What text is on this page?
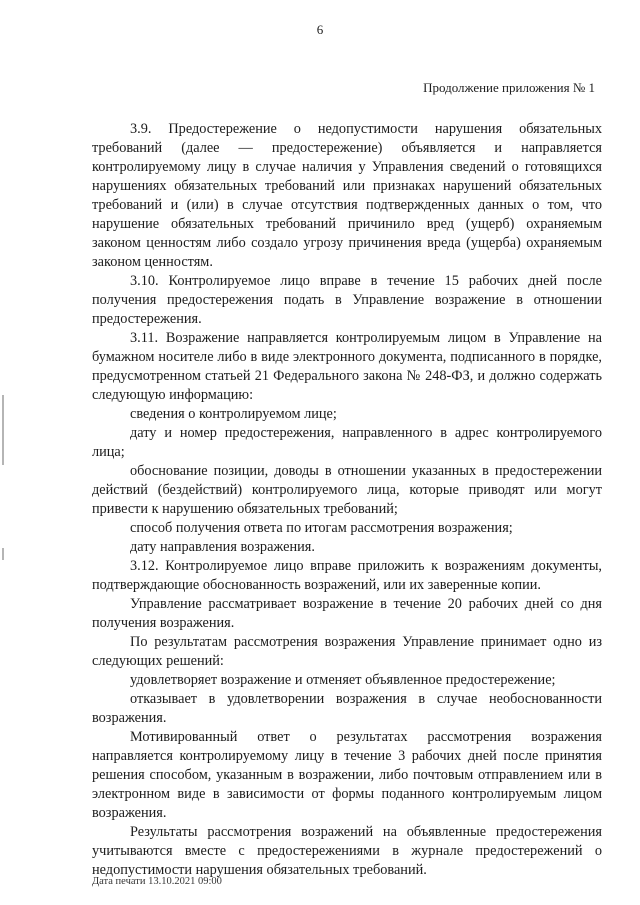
6
Продолжение приложения № 1

3.9. Предостережение о недопустимости нарушения обязательных требований (далее — предостережение) объявляется и направляется контролируемому лицу в случае наличия у Управления сведений о готовящихся нарушениях обязательных требований или признаках нарушений обязательных требований и (или) в случае отсутствия подтвержденных данных о том, что нарушение обязательных требований причинило вред (ущерб) охраняемым законом ценностям либо создало угрозу причинения вреда (ущерба) охраняемым законом ценностям.

3.10. Контролируемое лицо вправе в течение 15 рабочих дней после получения предостережения подать в Управление возражение в отношении предостережения.

3.11. Возражение направляется контролируемым лицом в Управление на бумажном носителе либо в виде электронного документа, подписанного в порядке, предусмотренном статьей 21 Федерального закона № 248-ФЗ, и должно содержать следующую информацию:

сведения о контролируемом лице;

дату и номер предостережения, направленного в адрес контролируемого лица;

обоснование позиции, доводы в отношении указанных в предостережении действий (бездействий) контролируемого лица, которые приводят или могут привести к нарушению обязательных требований;

способ получения ответа по итогам рассмотрения возражения;

дату направления возражения.

3.12. Контролируемое лицо вправе приложить к возражениям документы, подтверждающие обоснованность возражений, или их заверенные копии.

Управление рассматривает возражение в течение 20 рабочих дней со дня получения возражения.

По результатам рассмотрения возражения Управление принимает одно из следующих решений:

удовлетворяет возражение и отменяет объявленное предостережение;

отказывает в удовлетворении возражения в случае необоснованности возражения.

Мотивированный ответ о результатах рассмотрения возражения направляется контролируемому лицу в течение 3 рабочих дней после принятия решения способом, указанным в возражении, либо почтовым отправлением или в электронном виде в зависимости от формы поданного контролируемым лицом возражения.

Результаты рассмотрения возражений на объявленные предостережения учитываются вместе с предостережениями в журнале предостережений о недопустимости нарушения обязательных требований.

Дата печати 13.10.2021 09:00
